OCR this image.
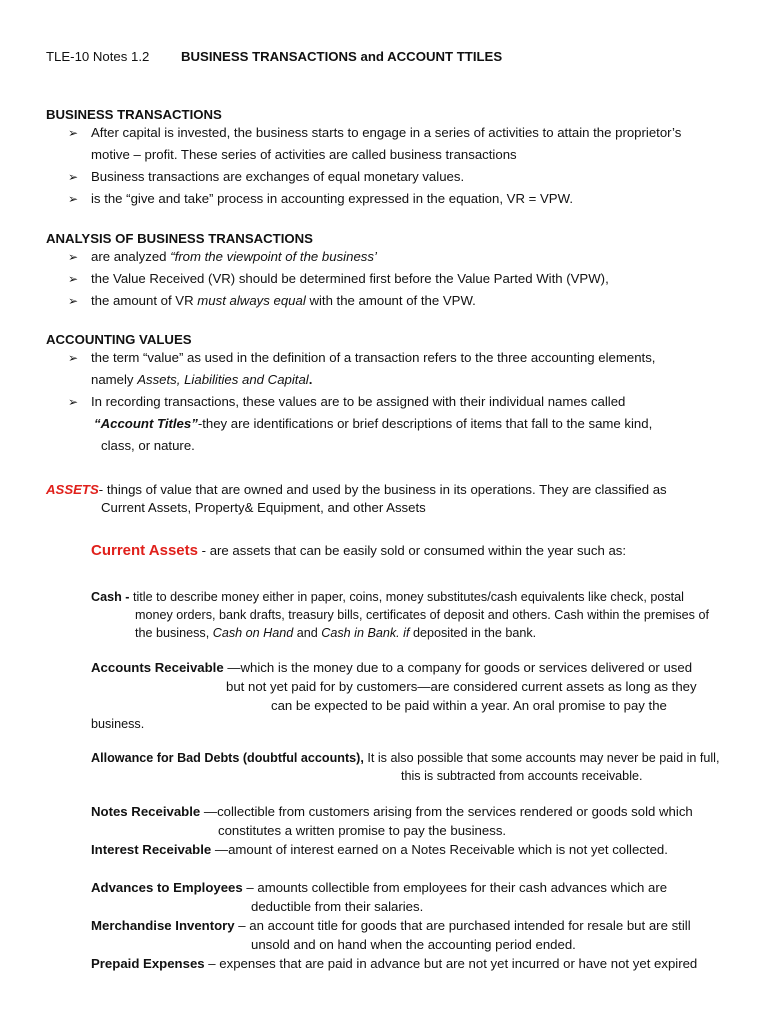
TLE-10 Notes 1.2 BUSINESS TRANSACTIONS and ACCOUNT TTILES
BUSINESS TRANSACTIONS
➢ After capital is invested, the business starts to engage in a series of activities to attain the proprietor’s
motive – profit. These series of activities are called business transactions
➢ Business transactions are exchanges of equal monetary values.
➢ is the “give and take” process in accounting expressed in the equation, VR = VPW.
ANALYSIS OF BUSINESS TRANSACTIONS
➢ are analyzed “from the viewpoint of the business’
➢ the Value Received (VR) should be determined first before the Value Parted With (VPW),
➢ the amount of VR must always equal with the amount of the VPW.
ACCOUNTING VALUES
➢ the term “value” as used in the definition of a transaction refers to the three accounting elements,
namely Assets, Liabilities and Capital.
➢ In recording transactions, these values are to be assigned with their individual names called
“Account Titles”-they are identifications or brief descriptions of items that fall to the same kind,
class, or nature.
ASSETS- things of value that are owned and used by the business in its operations. They are classified as
Current Assets, Property& Equipment, and other Assets
Current Assets - are assets that can be easily sold or consumed within the year such as:
Cash - title to describe money either in paper, coins, money substitutes/cash equivalents like check, postal
money orders, bank drafts, treasury bills, certificates of deposit and others. Cash within the premises of
the business, Cash on Hand and Cash in Bank. if deposited in the bank.
Accounts Receivable —which is the money due to a company for goods or services delivered or used
but not yet paid for by customers—are considered current assets as long as they
can be expected to be paid within a year. An oral promise to pay the
business.
Allowance for Bad Debts (doubtful accounts), It is also possible that some accounts may never be paid in full,
this is subtracted from accounts receivable.
Notes Receivable —collectible from customers arising from the services rendered or goods sold which
constitutes a written promise to pay the business.
Interest Receivable —amount of interest earned on a Notes Receivable which is not yet collected.
Advances to Employees – amounts collectible from employees for their cash advances which are
deductible from their salaries.
Merchandise Inventory – an account title for goods that are purchased intended for resale but are still
unsold and on hand when the accounting period ended.
Prepaid Expenses – expenses that are paid in advance but are not yet incurred or have not yet expired
